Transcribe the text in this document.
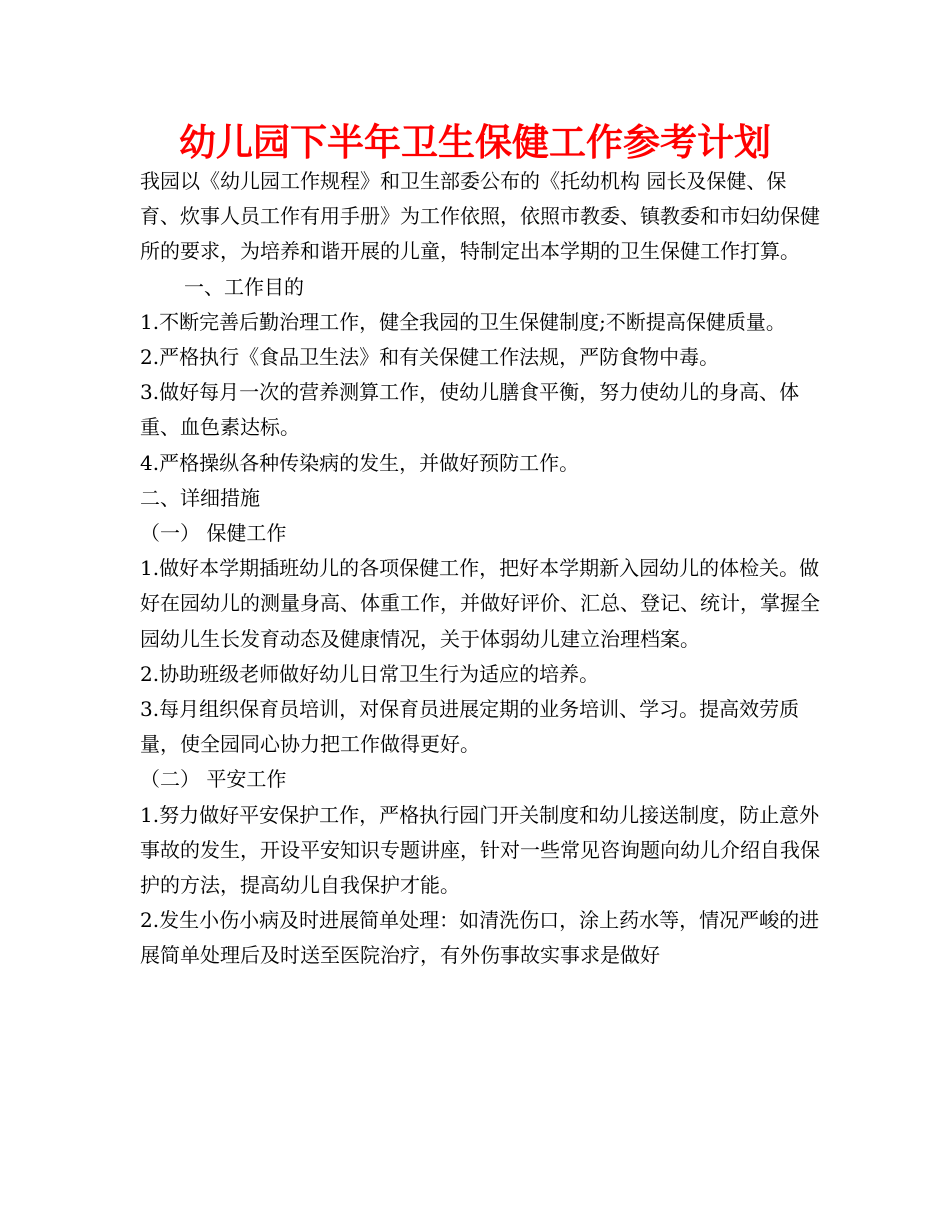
幼儿园下半年卫生保健工作参考计划

我园以《幼儿园工作规程》和卫生部委公布的《托幼机构 园长及保健、保育、炊事人员工作有用手册》为工作依照，依照市教委、镇教委和市妇幼保健所的要求，为培养和谐开展的儿童，特制定出本学期的卫生保健工作打算。

一、工作目的

1.不断完善后勤治理工作，健全我园的卫生保健制度;不断提高保健质量。

2.严格执行《食品卫生法》和有关保健工作法规，严防食物中毒。

3.做好每月一次的营养测算工作，使幼儿膳食平衡，努力使幼儿的身高、体重、血色素达标。

4.严格操纵各种传染病的发生，并做好预防工作。

二、详细措施

（一） 保健工作

1.做好本学期插班幼儿的各项保健工作，把好本学期新入园幼儿的体检关。做好在园幼儿的测量身高、体重工作，并做好评价、汇总、登记、统计，掌握全园幼儿生长发育动态及健康情况，关于体弱幼儿建立治理档案。

2.协助班级老师做好幼儿日常卫生行为适应的培养。

3.每月组织保育员培训，对保育员进展定期的业务培训、学习。提高效劳质量，使全园同心协力把工作做得更好。

（二） 平安工作

1.努力做好平安保护工作，严格执行园门开关制度和幼儿接送制度，防止意外事故的发生，开设平安知识专题讲座，针对一些常见咨询题向幼儿介绍自我保护的方法，提高幼儿自我保护才能。

2.发生小伤小病及时进展简单处理：如清洗伤口，涂上药水等，情况严峻的进展简单处理后及时送至医院治疗，有外伤事故实事求是做好
